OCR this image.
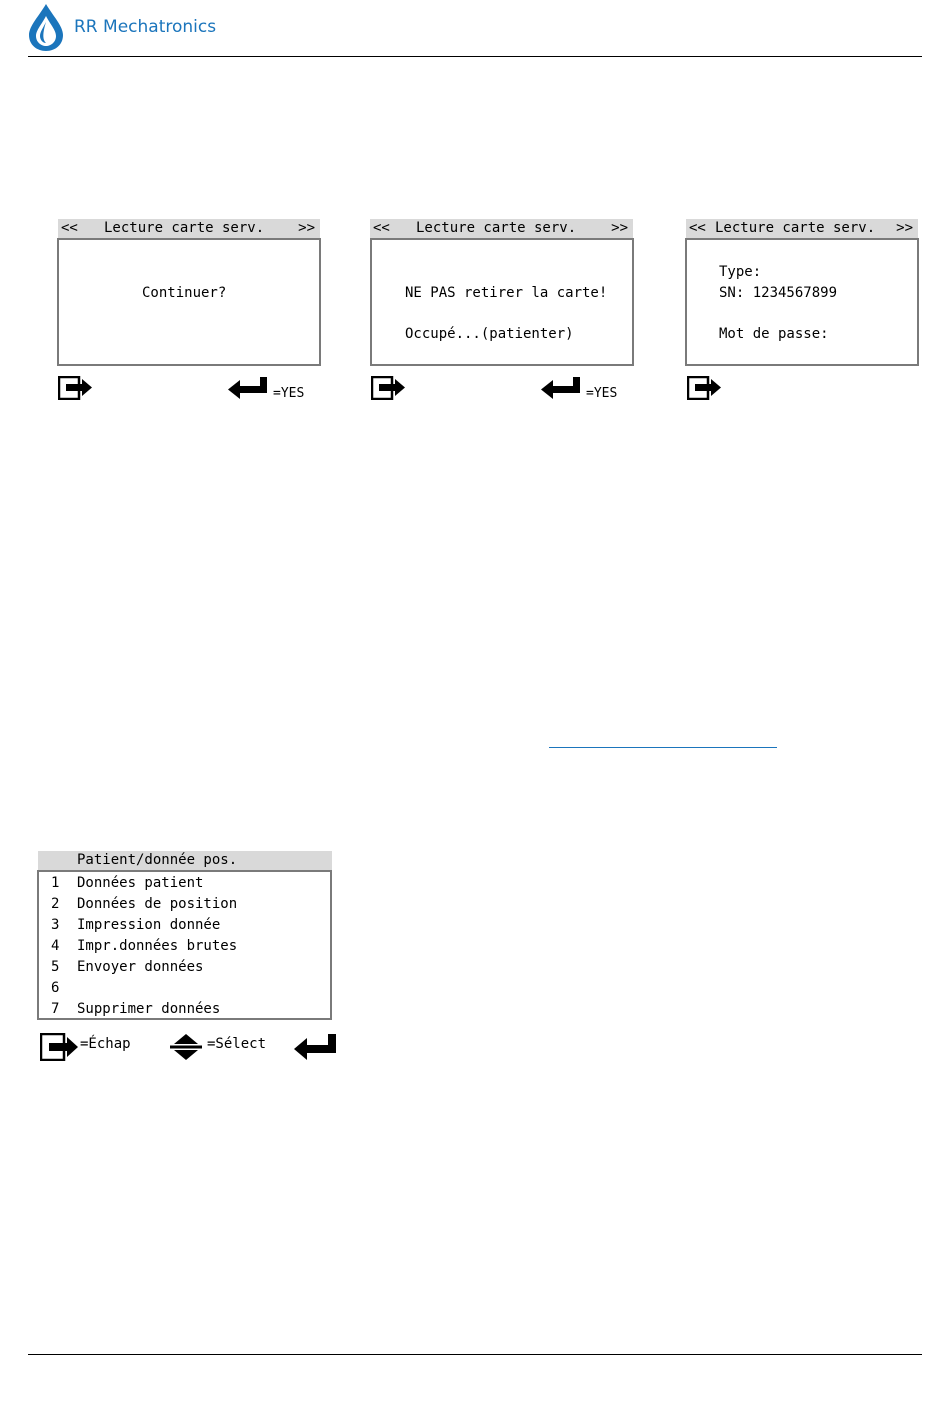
RR Mechatronics
<< Lecture carte serv. >>
Continuer?
=YES
<< Lecture carte serv. >>
NE PAS retirer la carte!
Occupé...(patienter)
=YES
<< Lecture carte serv. >>
Type:
SN: 1234567899
Mot de passe:
Patient/donnée pos.
1 Données patient
2 Données de position
3 Impression donnée
4 Impr.données brutes
5 Envoyer données
6
7 Supprimer données
=Échap	=Sélect
